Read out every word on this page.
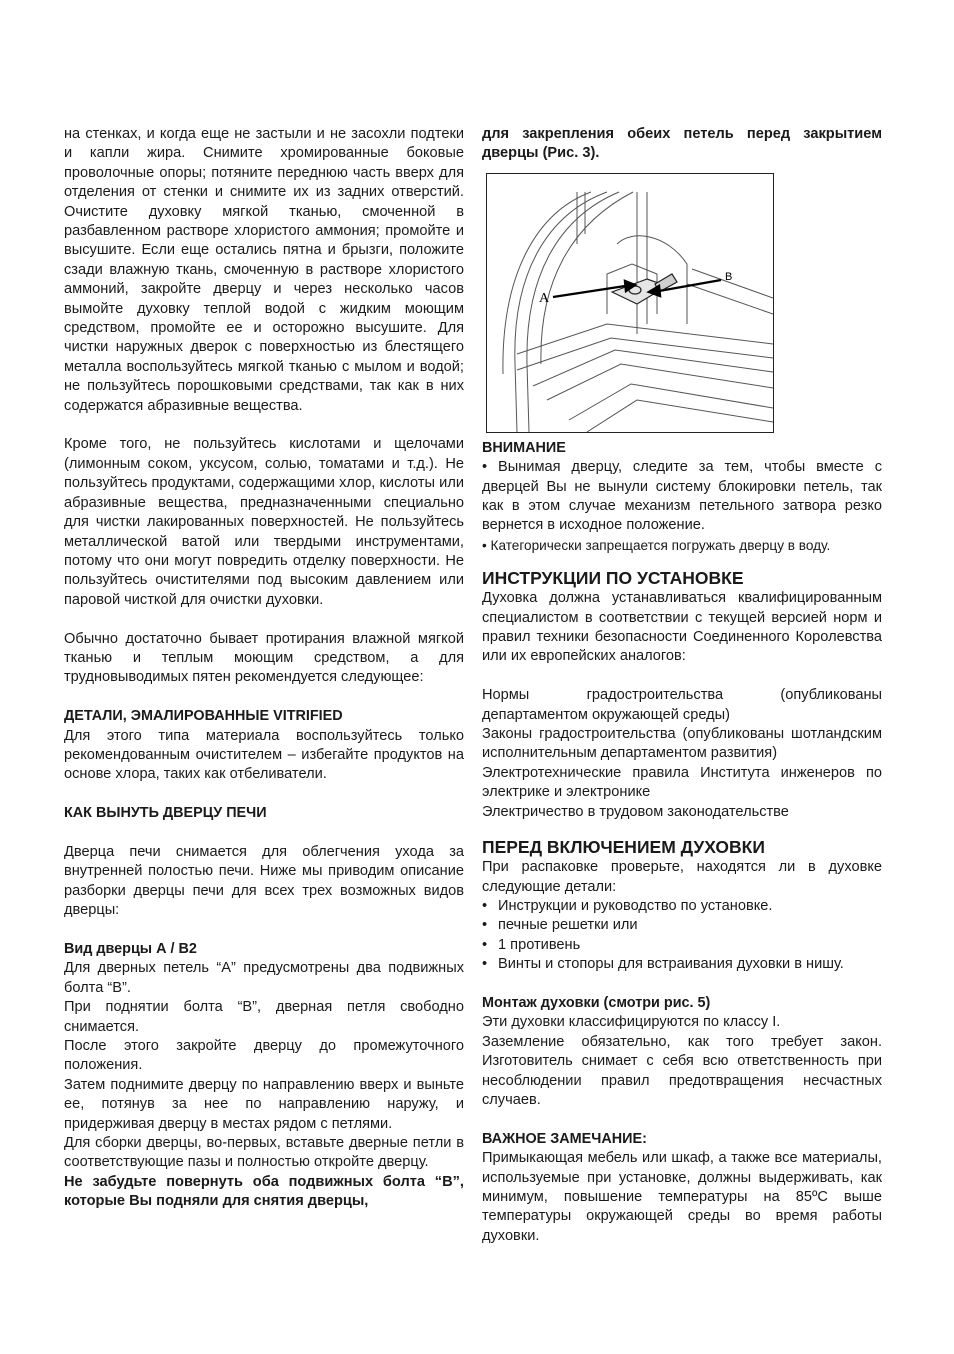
на стенках, и когда еще не застыли и не засохли подтеки и капли жира. Снимите хромированные боковые проволочные опоры; потяните переднюю часть вверх для отделения от стенки и снимите их из задних отверстий. Очистите духовку мягкой тканью, смоченной в разбавленном растворе хлористого аммония; промойте и высушите. Если еще остались пятна и брызги, положите сзади влажную ткань, смоченную в растворе хлористого аммоний, закройте дверцу и через несколько часов вымойте духовку теплой водой с жидким моющим средством, промойте ее и осторожно высушите. Для чистки наружных дверок с поверхностью из блестящего металла воспользуйтесь мягкой тканью с мылом и водой; не пользуйтесь порошковыми средствами, так как в них содержатся абразивные вещества.

Кроме того, не пользуйтесь кислотами и щелочами (лимонным соком, уксусом, солью, томатами и т.д.). Не пользуйтесь продуктами, содержащими хлор, кислоты или абразивные вещества, предназначенными специально для чистки лакированных поверхностей. Не пользуйтесь металлической ватой или твердыми инструментами, потому что они могут повредить отделку поверхности. Не пользуйтесь очистителями под высоким давлением или паровой чисткой для очистки духовки.

Обычно достаточно бывает протирания влажной мягкой тканью и теплым моющим средством, а для трудновыводимых пятен рекомендуется следующее:

ДЕТАЛИ, ЭМАЛИРОВАННЫЕ VITRIFIED

Для этого типа материала воспользуйтесь только рекомендованным очистителем – избегайте продуктов на основе хлора, таких как отбеливатели.

КАК ВЫНУТЬ ДВЕРЦУ ПЕЧИ

Дверца печи снимается для облегчения ухода за внутренней полостью печи. Ниже мы приводим описание разборки дверцы печи для всех трех возможных видов дверцы:

Вид дверцы А / В2

Для дверных петель “A” предусмотрены два подвижных болта “B”.

При поднятии болта “B”, дверная петля свободно снимается.

После этого закройте дверцу до промежуточного положения.

Затем поднимите дверцу по направлению вверх и выньте ее, потянув за нее по направлению наружу, и придерживая дверцу в местах рядом с петлями.

Для сборки дверцы, во-первых, вставьте дверные петли в соответствующие пазы и полностью откройте дверцу.

Не забудьте повернуть оба подвижных болта “B”, которые Вы подняли для снятия дверцы,

для закрепления обеих петель перед закрытием дверцы (Рис. 3).

A
B
ВНИМАНИЕ

• Вынимая дверцу, следите за тем, чтобы вместе с дверцей Вы не вынули систему блокировки петель, так как в этом случае механизм петельного затвора резко вернется в исходное положение.

• Категорически запрещается погружать дверцу в воду.

ИНСТРУКЦИИ ПО УСТАНОВКЕ

Духовка должна устанавливаться квалифицированным специалистом в соответствии с текущей версией норм и правил техники безопасности Соединенного Королевства или их европейских аналогов:

Нормы градостроительства (опубликованы департаментом окружающей среды)

Законы градостроительства (опубликованы шотландским исполнительным департаментом развития)

Электротехнические правила Института инженеров по электрике и электронике

Электричество в трудовом законодательстве

ПЕРЕД ВКЛЮЧЕНИЕМ ДУХОВКИ

При распаковке проверьте, находятся ли в духовке следующие детали:

• Инструкции и руководство по установке.
• печные решетки или
• 1 противень
• Винты и стопоры для встраивания духовки в нишу.
Монтаж духовки (смотри рис. 5)

Эти духовки классифицируются по классу I.

Заземление обязательно, как того требует закон. Изготовитель снимает с себя всю ответственность при несоблюдении правил предотвращения несчастных случаев.

ВАЖНОЕ ЗАМЕЧАНИЕ:

Примыкающая мебель или шкаф, а также все материалы, используемые при установке, должны выдерживать, как минимум, повышение температуры на 85ºC выше температуры окружающей среды во время работы духовки.
